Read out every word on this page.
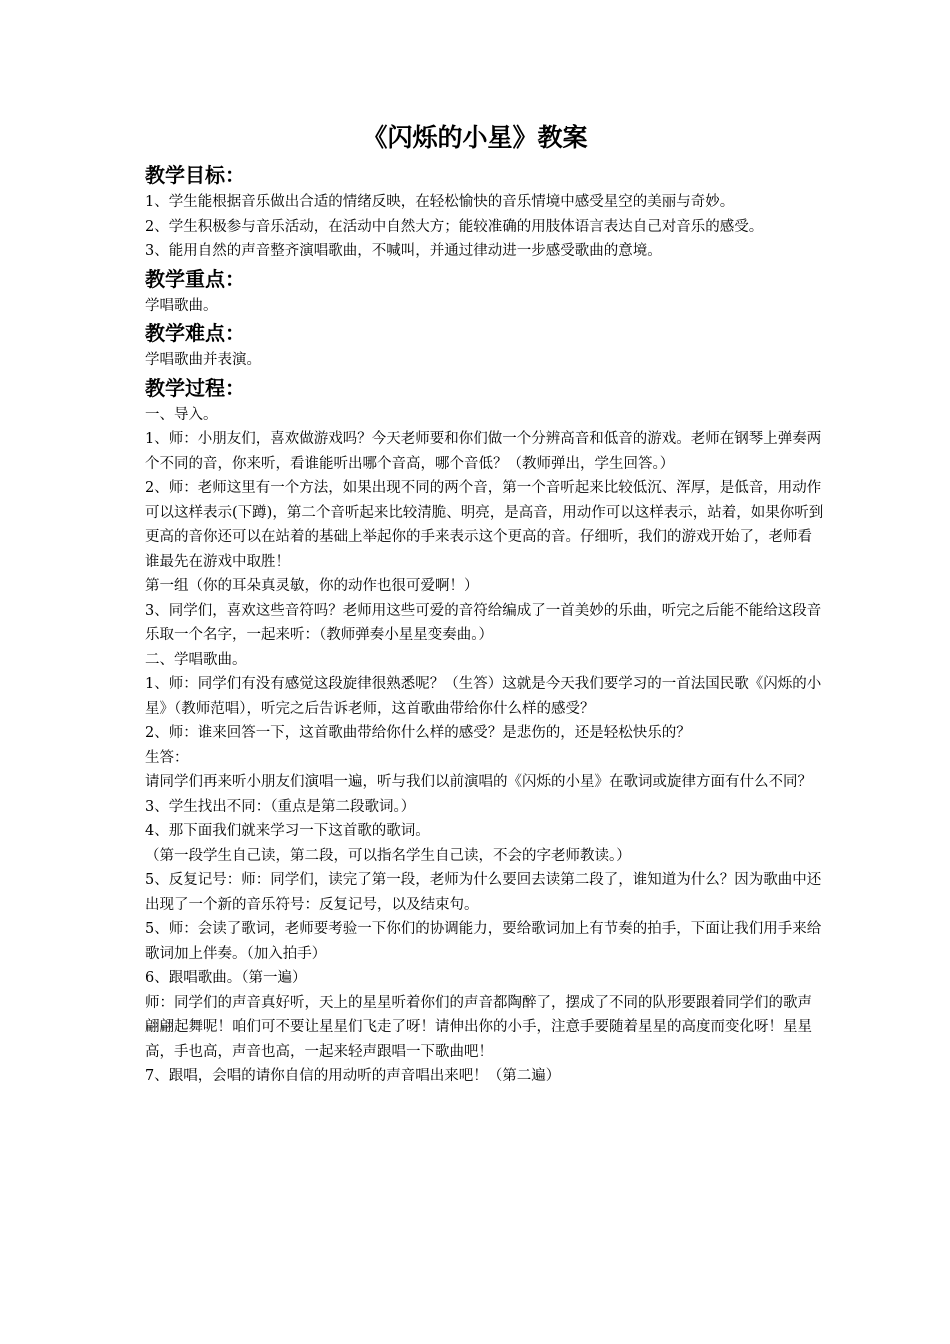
《闪烁的小星》教案
教学目标：

1、学生能根据音乐做出合适的情绪反映，在轻松愉快的音乐情境中感受星空的美丽与奇妙。

2、学生积极参与音乐活动，在活动中自然大方；能较准确的用肢体语言表达自己对音乐的感受。

3、能用自然的声音整齐演唱歌曲，不喊叫，并通过律动进一步感受歌曲的意境。

教学重点：

学唱歌曲。

教学难点：

学唱歌曲并表演。

教学过程：

一、导入。

1、师：小朋友们，喜欢做游戏吗？今天老师要和你们做一个分辨高音和低音的游戏。老师在钢琴上弹奏两个不同的音，你来听，看谁能听出哪个音高，哪个音低？（教师弹出，学生回答。）

2、师：老师这里有一个方法，如果出现不同的两个音，第一个音听起来比较低沉、浑厚，是低音，用动作可以这样表示(下蹲)，第二个音听起来比较清脆、明亮，是高音，用动作可以这样表示，站着，如果你听到更高的音你还可以在站着的基础上举起你的手来表示这个更高的音。仔细听，我们的游戏开始了，老师看谁最先在游戏中取胜！

第一组（你的耳朵真灵敏，你的动作也很可爱啊！）

3、同学们，喜欢这些音符吗？老师用这些可爱的音符给编成了一首美妙的乐曲，听完之后能不能给这段音乐取一个名字，一起来听：（教师弹奏小星星变奏曲。）

二、学唱歌曲。

1、师：同学们有没有感觉这段旋律很熟悉呢？（生答）这就是今天我们要学习的一首法国民歌《闪烁的小星》（教师范唱），听完之后告诉老师，这首歌曲带给你什么样的感受？

2、师：谁来回答一下，这首歌曲带给你什么样的感受？是悲伤的，还是轻松快乐的？

生答：

请同学们再来听小朋友们演唱一遍，听与我们以前演唱的《闪烁的小星》在歌词或旋律方面有什么不同？

3、学生找出不同：（重点是第二段歌词。）

4、那下面我们就来学习一下这首歌的歌词。

（第一段学生自己读，第二段，可以指名学生自己读，不会的字老师教读。）

5、反复记号：师：同学们，读完了第一段，老师为什么要回去读第二段了，谁知道为什么？因为歌曲中还出现了一个新的音乐符号：反复记号，以及结束句。

5、师：会读了歌词，老师要考验一下你们的协调能力，要给歌词加上有节奏的拍手，下面让我们用手来给歌词加上伴奏。（加入拍手）

6、跟唱歌曲。（第一遍）

师：同学们的声音真好听，天上的星星听着你们的声音都陶醉了，摆成了不同的队形要跟着同学们的歌声翩翩起舞呢！咱们可不要让星星们飞走了呀！请伸出你的小手，注意手要随着星星的高度而变化呀！星星高，手也高，声音也高，一起来轻声跟唱一下歌曲吧！

7、跟唱，会唱的请你自信的用动听的声音唱出来吧！（第二遍）
